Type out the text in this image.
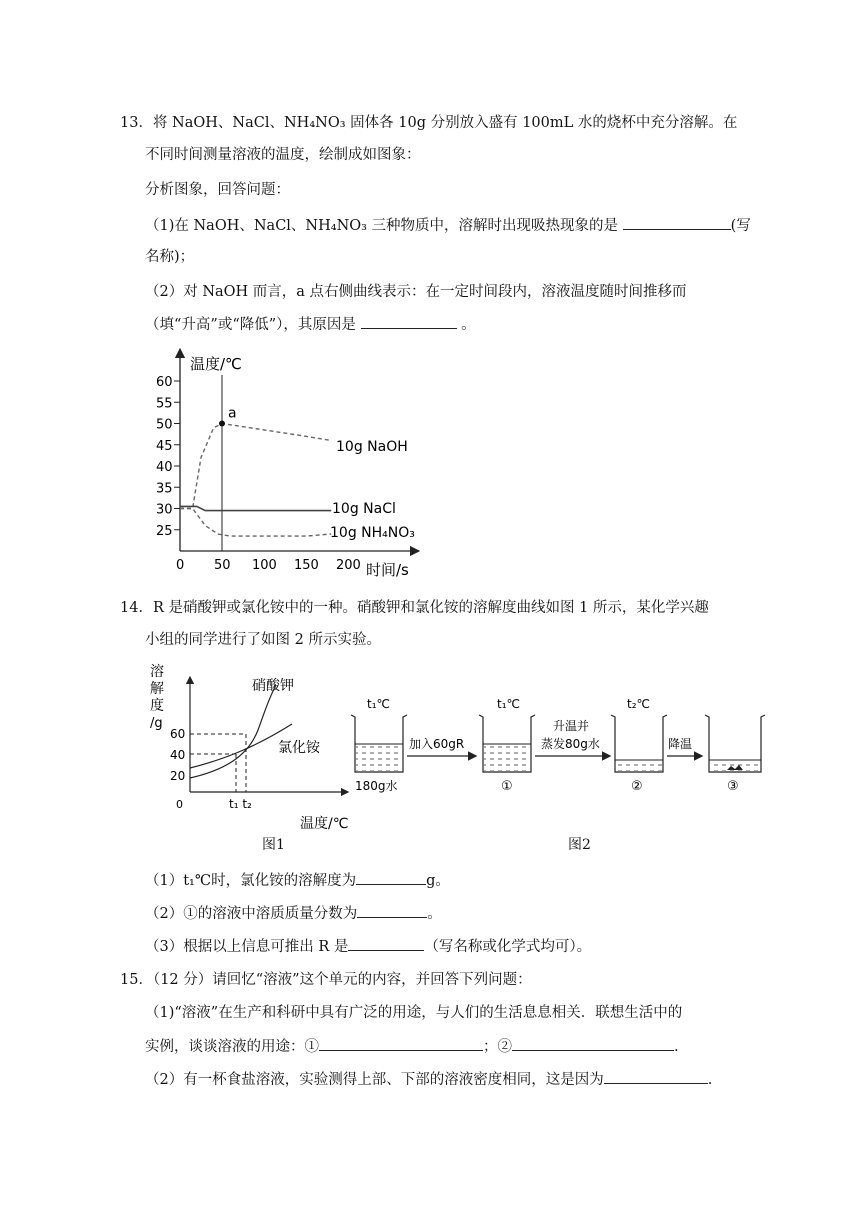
13．将 NaOH、NaCl、NH₄NO₃ 固体各 10g 分别放入盛有 100mL 水的烧杯中充分溶解。在
不同时间测量溶液的温度，绘制成如图象：
分析图象，回答问题：
（1)在 NaOH、NaCl、NH₄NO₃ 三种物质中，溶解时出现吸热现象的是	(写
名称)；
（2）对 NaOH 而言，a 点右侧曲线表示：在一定时间段内，溶液温度随时间推移而
（填“升高”或“降低”），其原因是	。
温度/℃
时间/s
60
55
50
45
40
35
30
25
0 50 100 150 200
a
10g NaOH
10g NaCl
10g NH₄NO₃
14．R 是硝酸钾或氯化铵中的一种。硝酸钾和氯化铵的溶解度曲线如图 1 所示，某化学兴趣
小组的同学进行了如图 2 所示实验。
溶
解
度
/g
60
40
20
0	t₁ t₂
温度/℃
硝酸钾
氯化铵
图1
t₁℃
180g水
加入60gR
t₁℃
①
升温并
蒸发80g水
t₂℃
②
降温
③
图2
（1）t₁℃时，氯化铵的溶解度为	g。
（2）①的溶液中溶质质量分数为	。
（3）根据以上信息可推出 R 是	（写名称或化学式均可）。
15．（12 分）请回忆“溶液”这个单元的内容，并回答下列问题：
（1)“溶液”在生产和科研中具有广泛的用途，与人们的生活息息相关．联想生活中的
实例，谈谈溶液的用途：①	；②	.
（2）有一杯食盐溶液，实验测得上部、下部的溶液密度相同，这是因为	.
